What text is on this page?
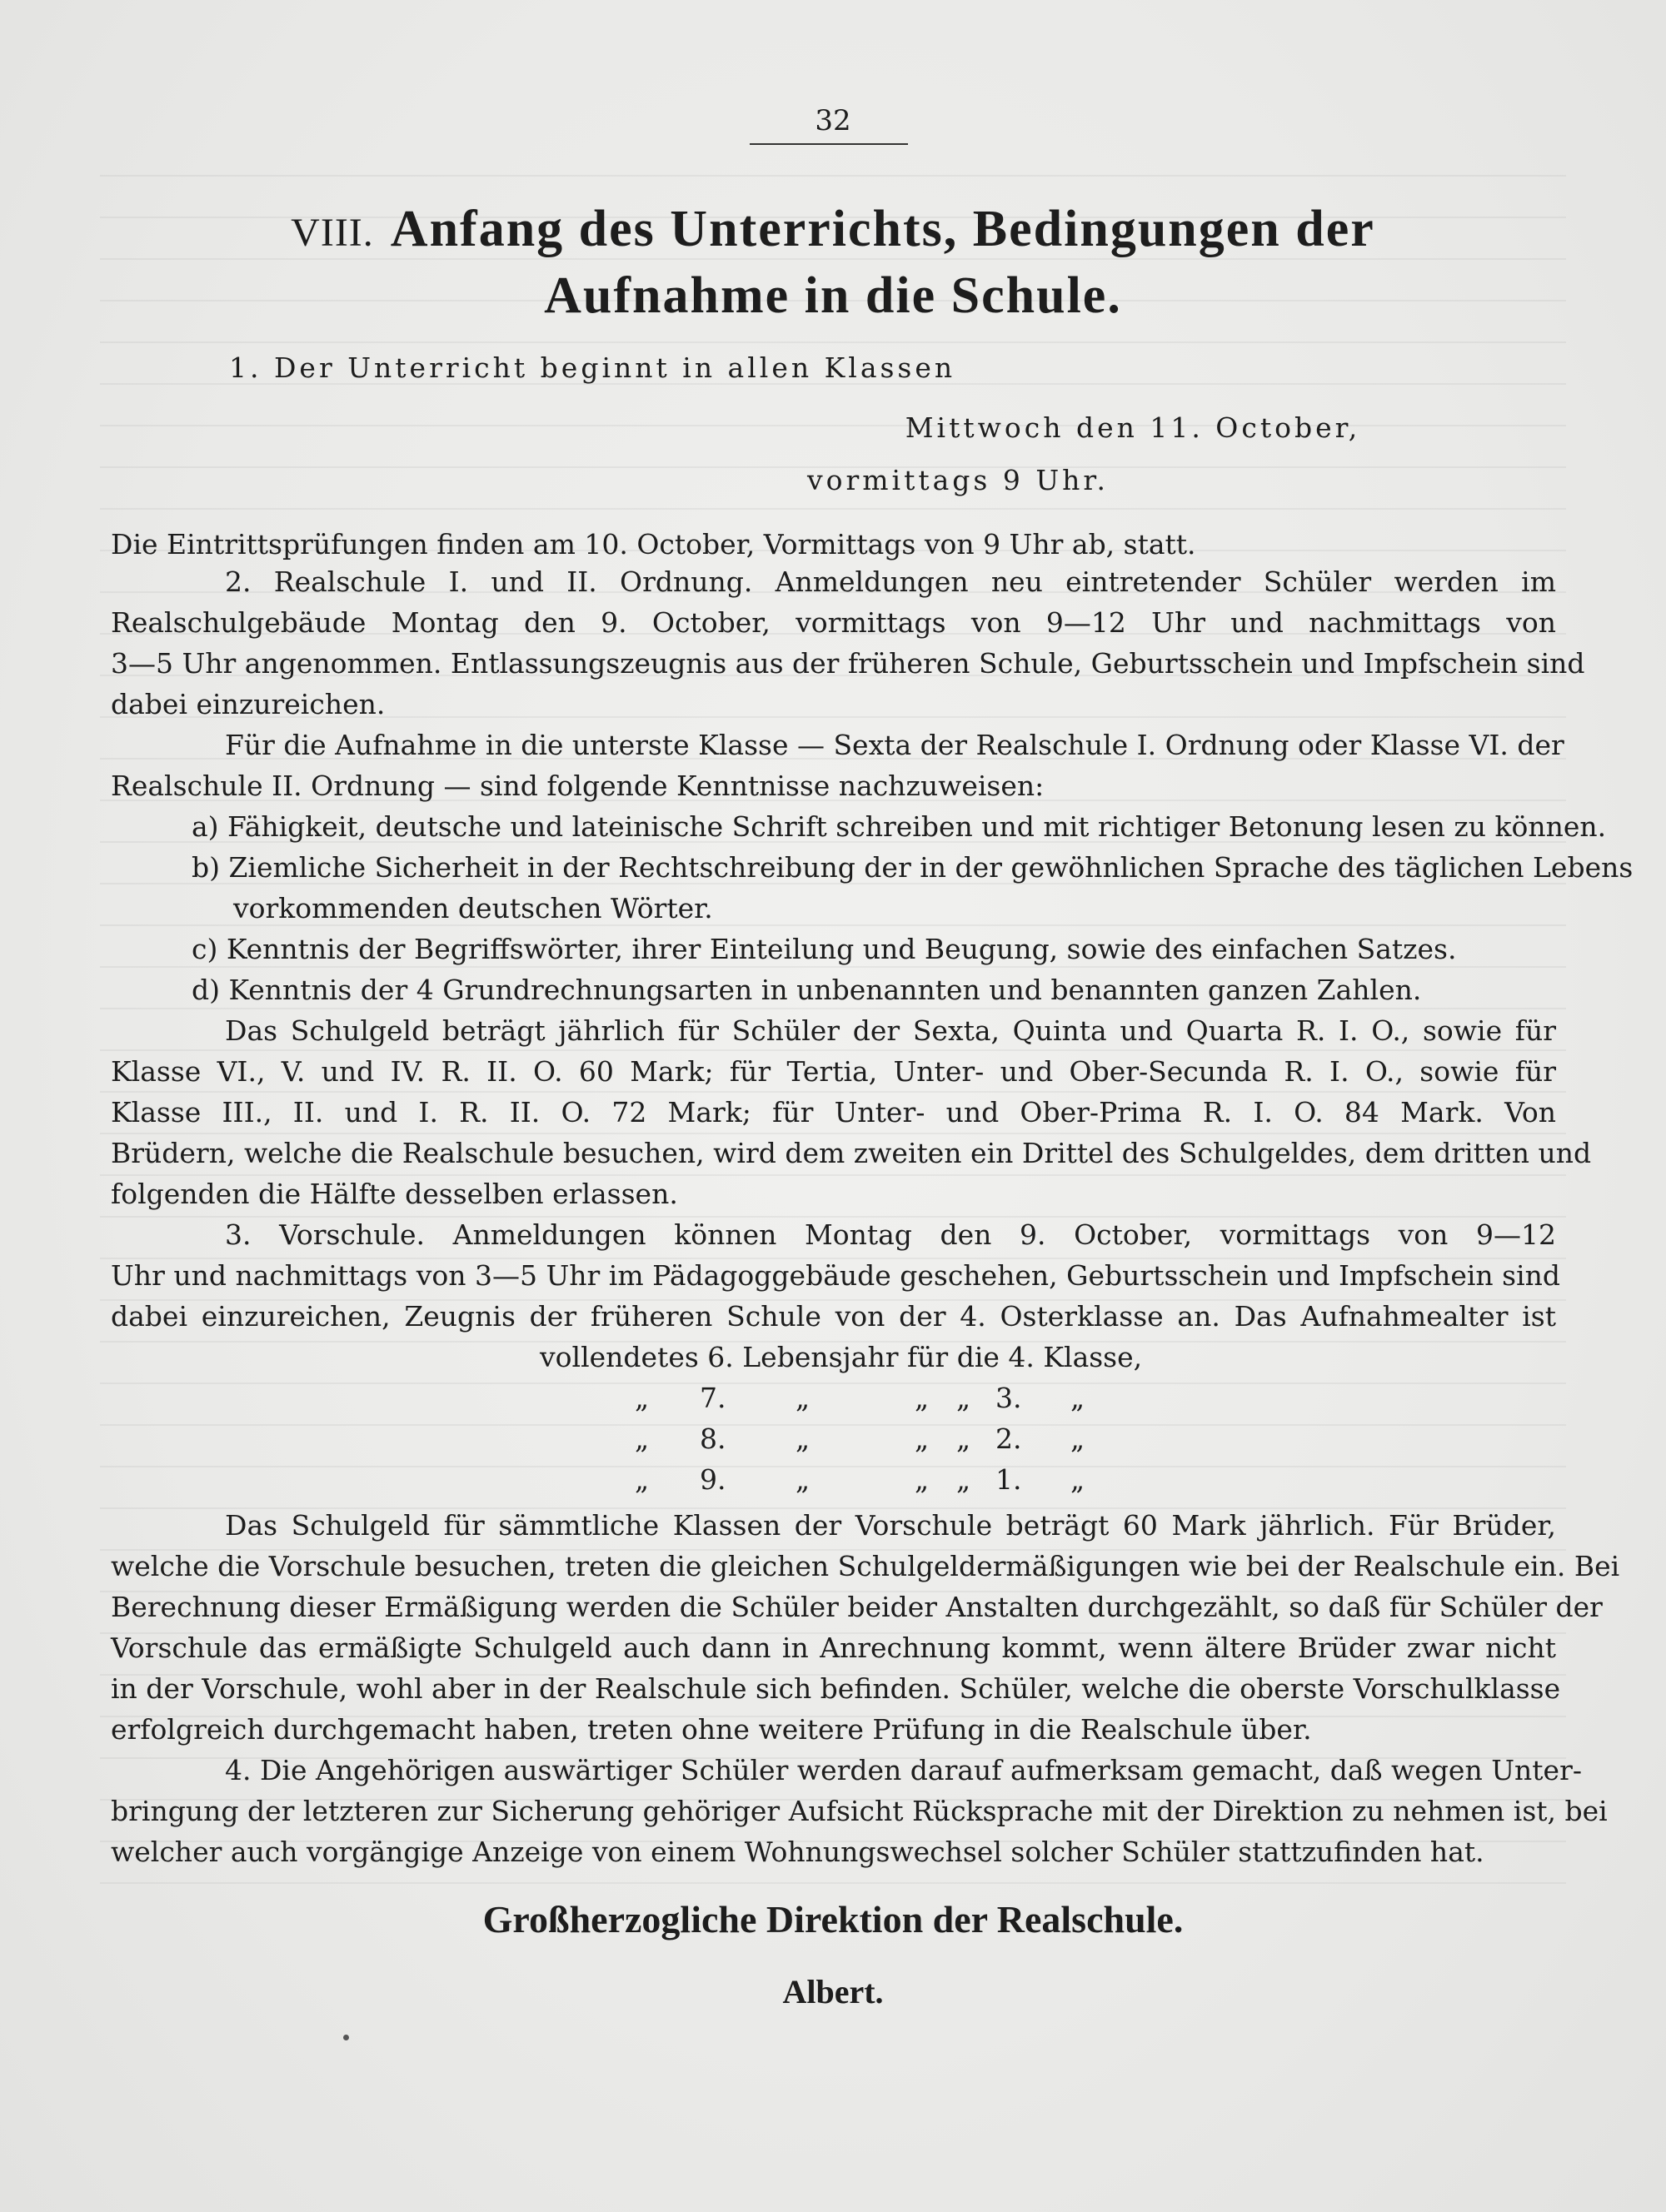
32
VIII. Anfang des Unterrichts, Bedingungen der
Aufnahme in die Schule.
1. Der Unterricht beginnt in allen Klassen
Mittwoch den 11. October,
vormittags 9 Uhr.
Die Eintrittsprüfungen finden am 10. October, Vormittags von 9 Uhr ab, statt.
2. Realschule I. und II. Ordnung. Anmeldungen neu eintretender Schüler werden im
Realschulgebäude Montag den 9. October, vormittags von 9—12 Uhr und nachmittags von
3—5 Uhr angenommen. Entlassungszeugnis aus der früheren Schule, Geburtsschein und Impfschein sind
dabei einzureichen.
Für die Aufnahme in die unterste Klasse — Sexta der Realschule I. Ordnung oder Klasse VI. der
Realschule II. Ordnung — sind folgende Kenntnisse nachzuweisen:
a) Fähigkeit, deutsche und lateinische Schrift schreiben und mit richtiger Betonung lesen zu können.
b) Ziemliche Sicherheit in der Rechtschreibung der in der gewöhnlichen Sprache des täglichen Lebens
vorkommenden deutschen Wörter.
c) Kenntnis der Begriffswörter, ihrer Einteilung und Beugung, sowie des einfachen Satzes.
d) Kenntnis der 4 Grundrechnungsarten in unbenannten und benannten ganzen Zahlen.
Das Schulgeld beträgt jährlich für Schüler der Sexta, Quinta und Quarta R. I. O., sowie für
Klasse VI., V. und IV. R. II. O. 60 Mark; für Tertia, Unter- und Ober-Secunda R. I. O., sowie für
Klasse III., II. und I. R. II. O. 72 Mark; für Unter- und Ober-Prima R. I. O. 84 Mark. Von
Brüdern, welche die Realschule besuchen, wird dem zweiten ein Drittel des Schulgeldes, dem dritten und
folgenden die Hälfte desselben erlassen.
3. Vorschule. Anmeldungen können Montag den 9. October, vormittags von 9—12
Uhr und nachmittags von 3—5 Uhr im Pädagoggebäude geschehen, Geburtsschein und Impfschein sind
dabei einzureichen, Zeugnis der früheren Schule von der 4. Osterklasse an. Das Aufnahmealter ist
vollendetes 6. Lebensjahr für die 4. Klasse,
„ 7.	„	„ „ 3. „
„ 8.	„	„ „ 2. „
„ 9.	„	„ „ 1. „
Das Schulgeld für sämmtliche Klassen der Vorschule beträgt 60 Mark jährlich. Für Brüder,
welche die Vorschule besuchen, treten die gleichen Schulgeldermäßigungen wie bei der Realschule ein. Bei
Berechnung dieser Ermäßigung werden die Schüler beider Anstalten durchgezählt, so daß für Schüler der
Vorschule das ermäßigte Schulgeld auch dann in Anrechnung kommt, wenn ältere Brüder zwar nicht
in der Vorschule, wohl aber in der Realschule sich befinden. Schüler, welche die oberste Vorschulklasse
erfolgreich durchgemacht haben, treten ohne weitere Prüfung in die Realschule über.
4. Die Angehörigen auswärtiger Schüler werden darauf aufmerksam gemacht, daß wegen Unter-
bringung der letzteren zur Sicherung gehöriger Aufsicht Rücksprache mit der Direktion zu nehmen ist, bei
welcher auch vorgängige Anzeige von einem Wohnungswechsel solcher Schüler stattzufinden hat.
Großherzogliche Direktion der Realschule.
Albert.
